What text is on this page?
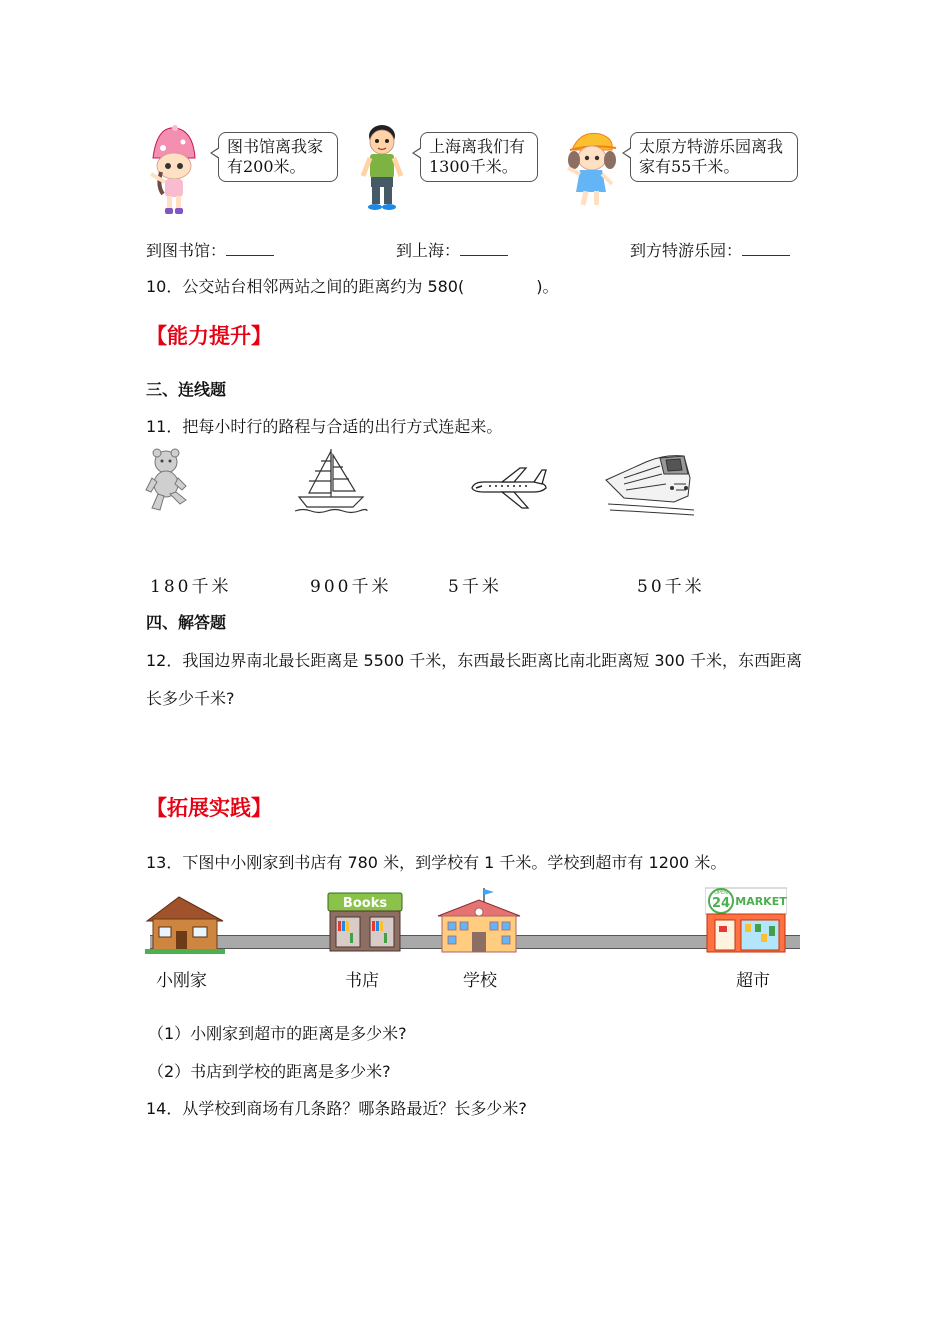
图书馆离我家
有200米。
上海离我们有
1300千米。
太原方特游乐园离我
家有55千米。
到图书馆：	到上海：	到方特游乐园：
10．公交站台相邻两站之间的距离约为 580(	)。
【能力提升】
三、连线题
11．把每小时行的路程与合适的出行方式连起来。
180千米	900千米	5千米	50千米
四、解答题
12．我国边界南北最长距离是 5500 千米，东西最长距离比南北距离短 300 千米，东西距离
长多少千米?
【拓展实践】
13．下图中小刚家到书店有 780 米，到学校有 1 千米。学校到超市有 1200 米。
Books
OPEN
24 MARKET
小刚家	书店	学校	超市
（1）小刚家到超市的距离是多少米?
（2）书店到学校的距离是多少米?
14．从学校到商场有几条路？哪条路最近？长多少米?
